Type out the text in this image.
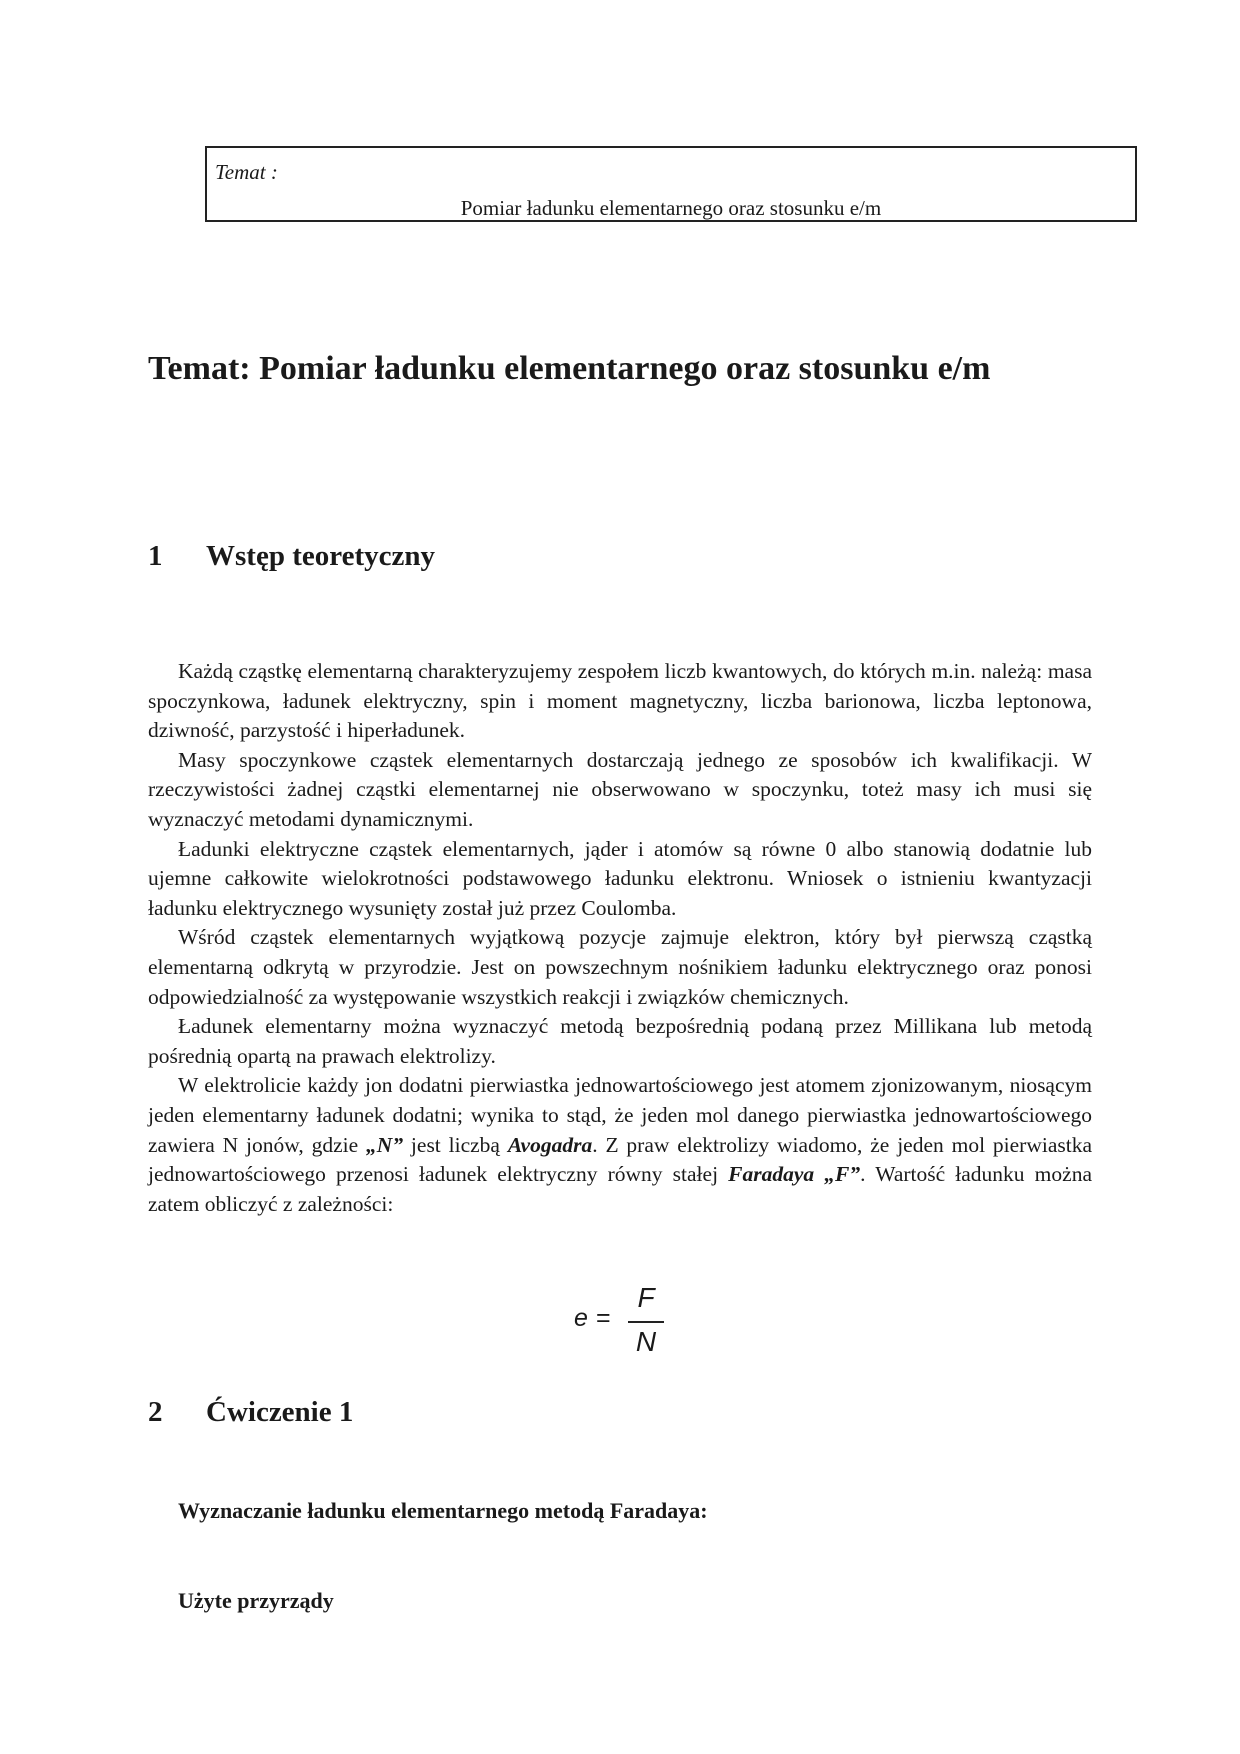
Temat :
Pomiar ładunku elementarnego oraz stosunku e/m
Temat: Pomiar ładunku elementarnego oraz stosunku e/m
1 Wstęp teoretyczny

Każdą cząstkę elementarną charakteryzujemy zespołem liczb kwantowych, do których m.in. należą: masa spoczynkowa, ładunek elektryczny, spin i moment magnetyczny, liczba barionowa, liczba leptonowa, dziwność, parzystość i hiperładunek.

Masy spoczynkowe cząstek elementarnych dostarczają jednego ze sposobów ich kwalifikacji. W rzeczywistości żadnej cząstki elementarnej nie obserwowano w spoczynku, toteż masy ich musi się wyznaczyć metodami dynamicznymi.

Ładunki elektryczne cząstek elementarnych, jąder i atomów są równe 0 albo stanowią dodatnie lub ujemne całkowite wielokrotności podstawowego ładunku elektronu. Wniosek o istnieniu kwantyzacji ładunku elektrycznego wysunięty został już przez Coulomba.

Wśród cząstek elementarnych wyjątkową pozycje zajmuje elektron, który był pierwszą cząstką elementarną odkrytą w przyrodzie. Jest on powszechnym nośnikiem ładunku elektrycznego oraz ponosi odpowiedzialność za występowanie wszystkich reakcji i związków chemicznych.

Ładunek elementarny można wyznaczyć metodą bezpośrednią podaną przez Millikana lub metodą pośrednią opartą na prawach elektrolizy.

W elektrolicie każdy jon dodatni pierwiastka jednowartościowego jest atomem zjonizowanym, niosącym jeden elementarny ładunek dodatni; wynika to stąd, że jeden mol danego pierwiastka jednowartościowego zawiera N jonów, gdzie „N” jest liczbą Avogadra. Z praw elektrolizy wiadomo, że jeden mol pierwiastka jednowartościowego przenosi ładunek elektryczny równy stałej Faradaya „F”. Wartość ładunku można zatem obliczyć z zależności:

e =
F
N
2 Ćwiczenie 1
Wyznaczanie ładunku elementarnego metodą Faradaya:
Użyte przyrządy
